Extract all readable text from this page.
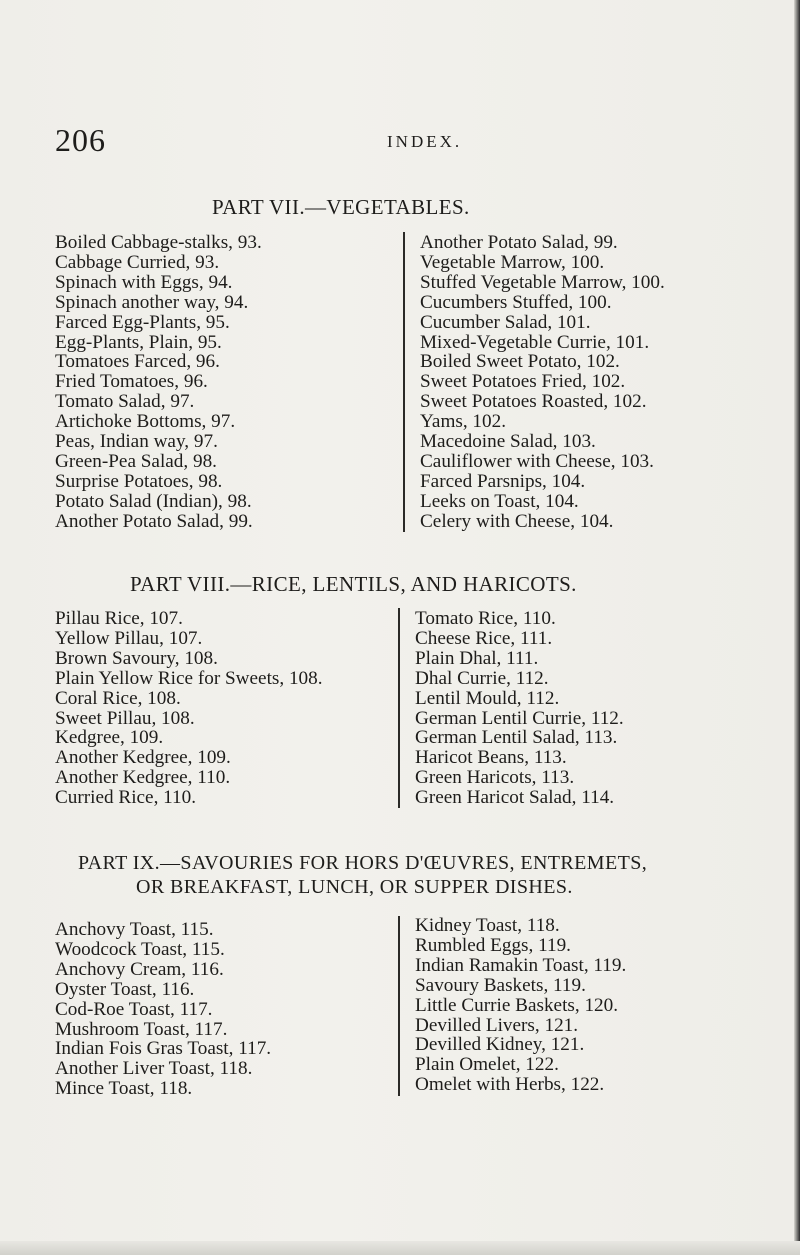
206	INDEX.
PART VII.—VEGETABLES.
Boiled Cabbage-stalks, 93.
Cabbage Curried, 93.
Spinach with Eggs, 94.
Spinach another way, 94.
Farced Egg-Plants, 95.
Egg-Plants, Plain, 95.
Tomatoes Farced, 96.
Fried Tomatoes, 96.
Tomato Salad, 97.
Artichoke Bottoms, 97.
Peas, Indian way, 97.
Green-Pea Salad, 98.
Surprise Potatoes, 98.
Potato Salad (Indian), 98.
Another Potato Salad, 99.
Another Potato Salad, 99.
Vegetable Marrow, 100.
Stuffed Vegetable Marrow, 100.
Cucumbers Stuffed, 100.
Cucumber Salad, 101.
Mixed-Vegetable Currie, 101.
Boiled Sweet Potato, 102.
Sweet Potatoes Fried, 102.
Sweet Potatoes Roasted, 102.
Yams, 102.
Macedoine Salad, 103.
Cauliflower with Cheese, 103.
Farced Parsnips, 104.
Leeks on Toast, 104.
Celery with Cheese, 104.
PART VIII.—RICE, LENTILS, AND HARICOTS.
Pillau Rice, 107.
Yellow Pillau, 107.
Brown Savoury, 108.
Plain Yellow Rice for Sweets, 108.
Coral Rice, 108.
Sweet Pillau, 108.
Kedgree, 109.
Another Kedgree, 109.
Another Kedgree, 110.
Curried Rice, 110.
Tomato Rice, 110.
Cheese Rice, 111.
Plain Dhal, 111.
Dhal Currie, 112.
Lentil Mould, 112.
German Lentil Currie, 112.
German Lentil Salad, 113.
Haricot Beans, 113.
Green Haricots, 113.
Green Haricot Salad, 114.
PART IX.—SAVOURIES FOR HORS D'ŒUVRES, ENTREMETS,
OR BREAKFAST, LUNCH, OR SUPPER DISHES.
Anchovy Toast, 115.
Woodcock Toast, 115.
Anchovy Cream, 116.
Oyster Toast, 116.
Cod-Roe Toast, 117.
Mushroom Toast, 117.
Indian Fois Gras Toast, 117.
Another Liver Toast, 118.
Mince Toast, 118.
Kidney Toast, 118.
Rumbled Eggs, 119.
Indian Ramakin Toast, 119.
Savoury Baskets, 119.
Little Currie Baskets, 120.
Devilled Livers, 121.
Devilled Kidney, 121.
Plain Omelet, 122.
Omelet with Herbs, 122.
